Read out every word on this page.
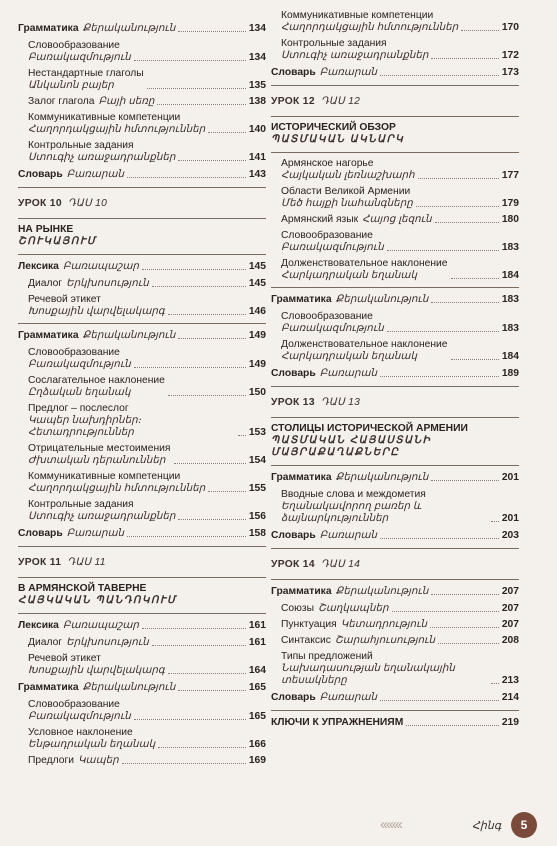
Грамматика Քերականություն	134
Словообразование
Բառակազմություն	134
Нестандартные глаголы
Անկանոն բայեր	135
Залог глагола Բայի սեռը	138
Коммуникативные компетенции
Հաղորդակցային հմտություններ	140
Контрольные задания
Ստուգիչ առաջադրանքներ	141
Словарь Բառարան	143
УРОК 10 ԴԱՍ 10
НА РЫНКЕ
ՇՈՒԿԱՅՈՒՄ
Лексика Բառապաշար	145
Диалог Երկխոսություն	145
Речевой этикет
Խոսքային վարվելակարգ	146
Грамматика Քերականություն	149
Словообразование
Բառակազմություն	149
Сослагательное наклонение
Ըղձական եղանակ	150
Предлог – послеслог
Կապեր նախդիրներ։ Հետադրություններ	153
Отрицательные местоимения
Ժխտական դերանուններ	154
Коммуникативные компетенции
Հաղորդակցային հմտություններ	155
Контрольные задания
Ստուգիչ առաջադրանքներ	156
Словарь Բառարան	158
УРОК 11 ԴԱՍ 11
В АРМЯНСКОЙ ТАВЕРНЕ
ՀԱՅԿԱԿԱՆ ՊԱՆԴՈԿՈՒՄ
Лексика Բառապաշար	161
Диалог Երկխոսություն	161
Речевой этикет
Խոսքային վարվելակարգ	164
Грамматика Քերականություն	165
Словообразование
Բառակազմություն	165
Условное наклонение
Ենթադրական եղանակ	166
Предлоги Կապեր	169
Коммуникативные компетенции
Հաղորդակցային հմտություններ	170
Контрольные задания
Ստուգիչ առաջադրանքներ	172
Словарь Բառարան	173
УРОК 12 ԴԱՍ 12
ИСТОРИЧЕСКИЙ ОБЗОР
ՊԱՏՄԱԿԱՆ ԱԿՆԱՐԿ
Армянское нагорье
Հայկական լեռնաշխարհ	177
Области Великой Армении
Մեծ հայքի նահանգները	179
Армянский язык Հայոց լեզուն	180
Словообразование
Բառակազմություն	183
Долженствовательное наклонение
Հարկադրական եղանակ	184
Грамматика Քերականություն	183
Словообразование
Բառակազմություն	183
Долженствовательное наклонение
Հարկադրական եղանակ	184
Словарь Բառարան	189
УРОК 13 ԴԱՍ 13
СТОЛИЦЫ ИСТОРИЧЕСКОЙ АРМЕНИИ
ՊԱՏՄԱԿԱՆ ՀԱՅԱՍՏԱՆԻ ՄԱՅՐԱՔԱՂԱՔՆԵՐԸ
Грамматика Քերականություն	201
Вводные слова и междометия
Եղանակավորող բառեր և ձայնարկություններ	201
Словарь Բառարան	203
УРОК 14 ԴԱՍ 14
Грамматика Քերականություն	207
Союзы Շաղկապներ	207
Пунктуация Կետադրություն	207
Синтаксис Շարահյուսություն	208
Типы предложений
Նախադասության եղանակային տեսակները	213
Словарь Բառարան	214
КЛЮЧИ К УПРАЖНЕНИЯМ	219
‹‹‹‹‹‹‹	Հինգ	5
